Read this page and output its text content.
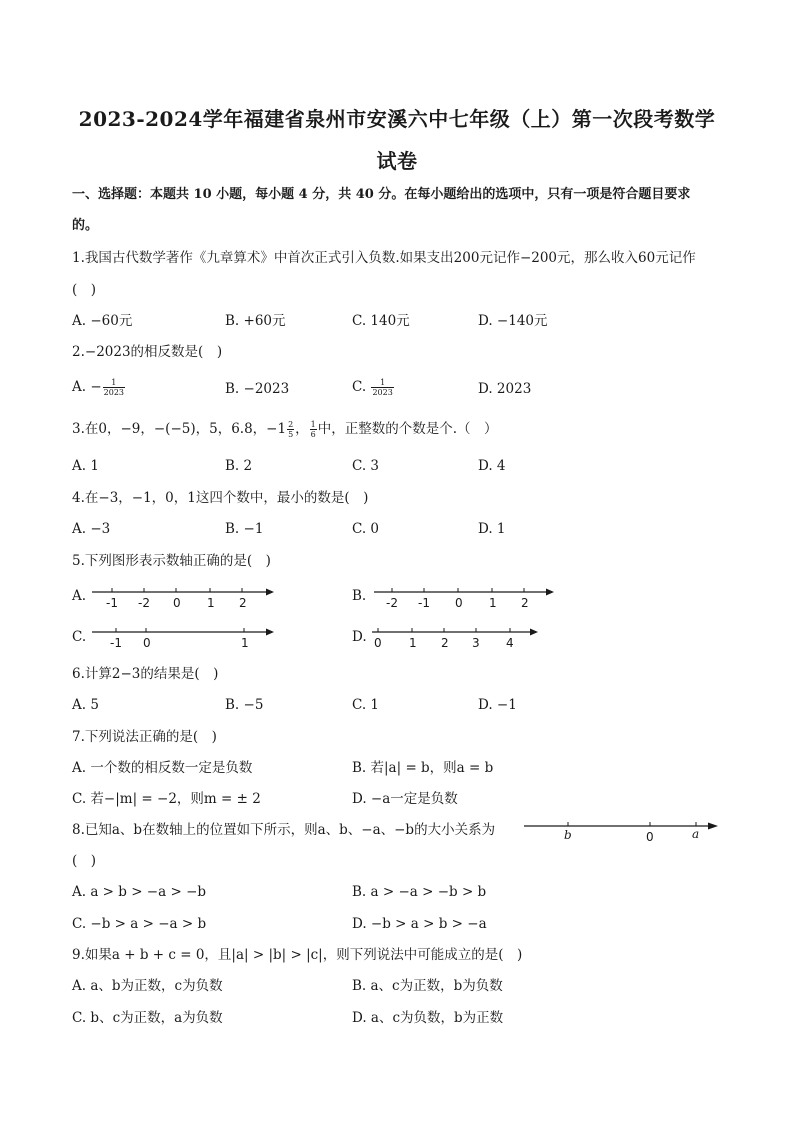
2023-2024学年福建省泉州市安溪六中七年级（上）第一次段考数学
试卷
一、选择题：本题共 10 小题，每小题 4 分，共 40 分。在每小题给出的选项中，只有一项是符合题目要求
的。
1.我国古代数学著作《九章算术》中首次正式引入负数.如果支出200元记作−200元，那么收入60元记作
(　)
A. −60元	B. +60元	C. 140元	D. −140元
2.−2023的相反数是(　)
A. − $\frac{1}{2023}$	B. −2023	C. $\frac{1}{2023}$	D. 2023
3.在0，−9，−(−5)，5，6.8，$-1 \frac{2}{5}$ ， $\frac{1}{6}$ 中，正整数的个数是个.（　）
A. 1	B. 2	C. 3	D. 4
4.在−3，−1，0，1这四个数中，最小的数是(　)
A. −3	B. −1	C. 0	D. 1
5.下列图形表示数轴正确的是(　)
A. -1 -2 0 1 2	B. -2 -1 0 1 2
C. -1 0	1	D. 0 1 2 3 4
6.计算2−3的结果是(　)
A. 5	B. −5	C. 1	D. −1
7.下列说法正确的是(　)
A. 一个数的相反数一定是负数	B. 若|a| = b，则a = b
C. 若−|m| = −2，则m = ± 2	D. −a一定是负数
8.已知a、b在数轴上的位置如下所示，则a、b、−a、−b的大小关系为	b	0	a
(　)
A. a > b > −a > −b	B. a > −a > −b > b
C. −b > a > −a > b	D. −b > a > b > −a
9.如果a + b + c = 0，且|a| > |b| > |c|，则下列说法中可能成立的是(　)
A. a、b为正数，c为负数	B. a、c为正数，b为负数
C. b、c为正数，a为负数	D. a、c为负数，b为正数
